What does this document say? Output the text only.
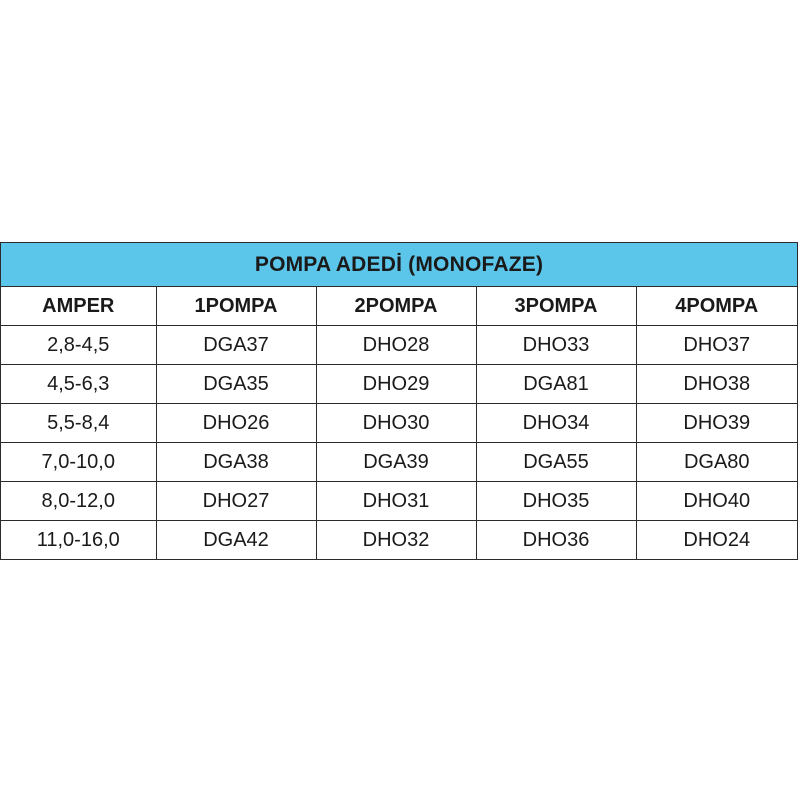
POMPA ADEDİ (MONOFAZE)
AMPER	1POMPA	2POMPA	3POMPA	4POMPA
2,8-4,5	DGA37	DHO28	DHO33	DHO37
4,5-6,3	DGA35	DHO29	DGA81	DHO38
5,5-8,4	DHO26	DHO30	DHO34	DHO39
7,0-10,0	DGA38	DGA39	DGA55	DGA80
8,0-12,0	DHO27	DHO31	DHO35	DHO40
11,0-16,0	DGA42	DHO32	DHO36	DHO24
